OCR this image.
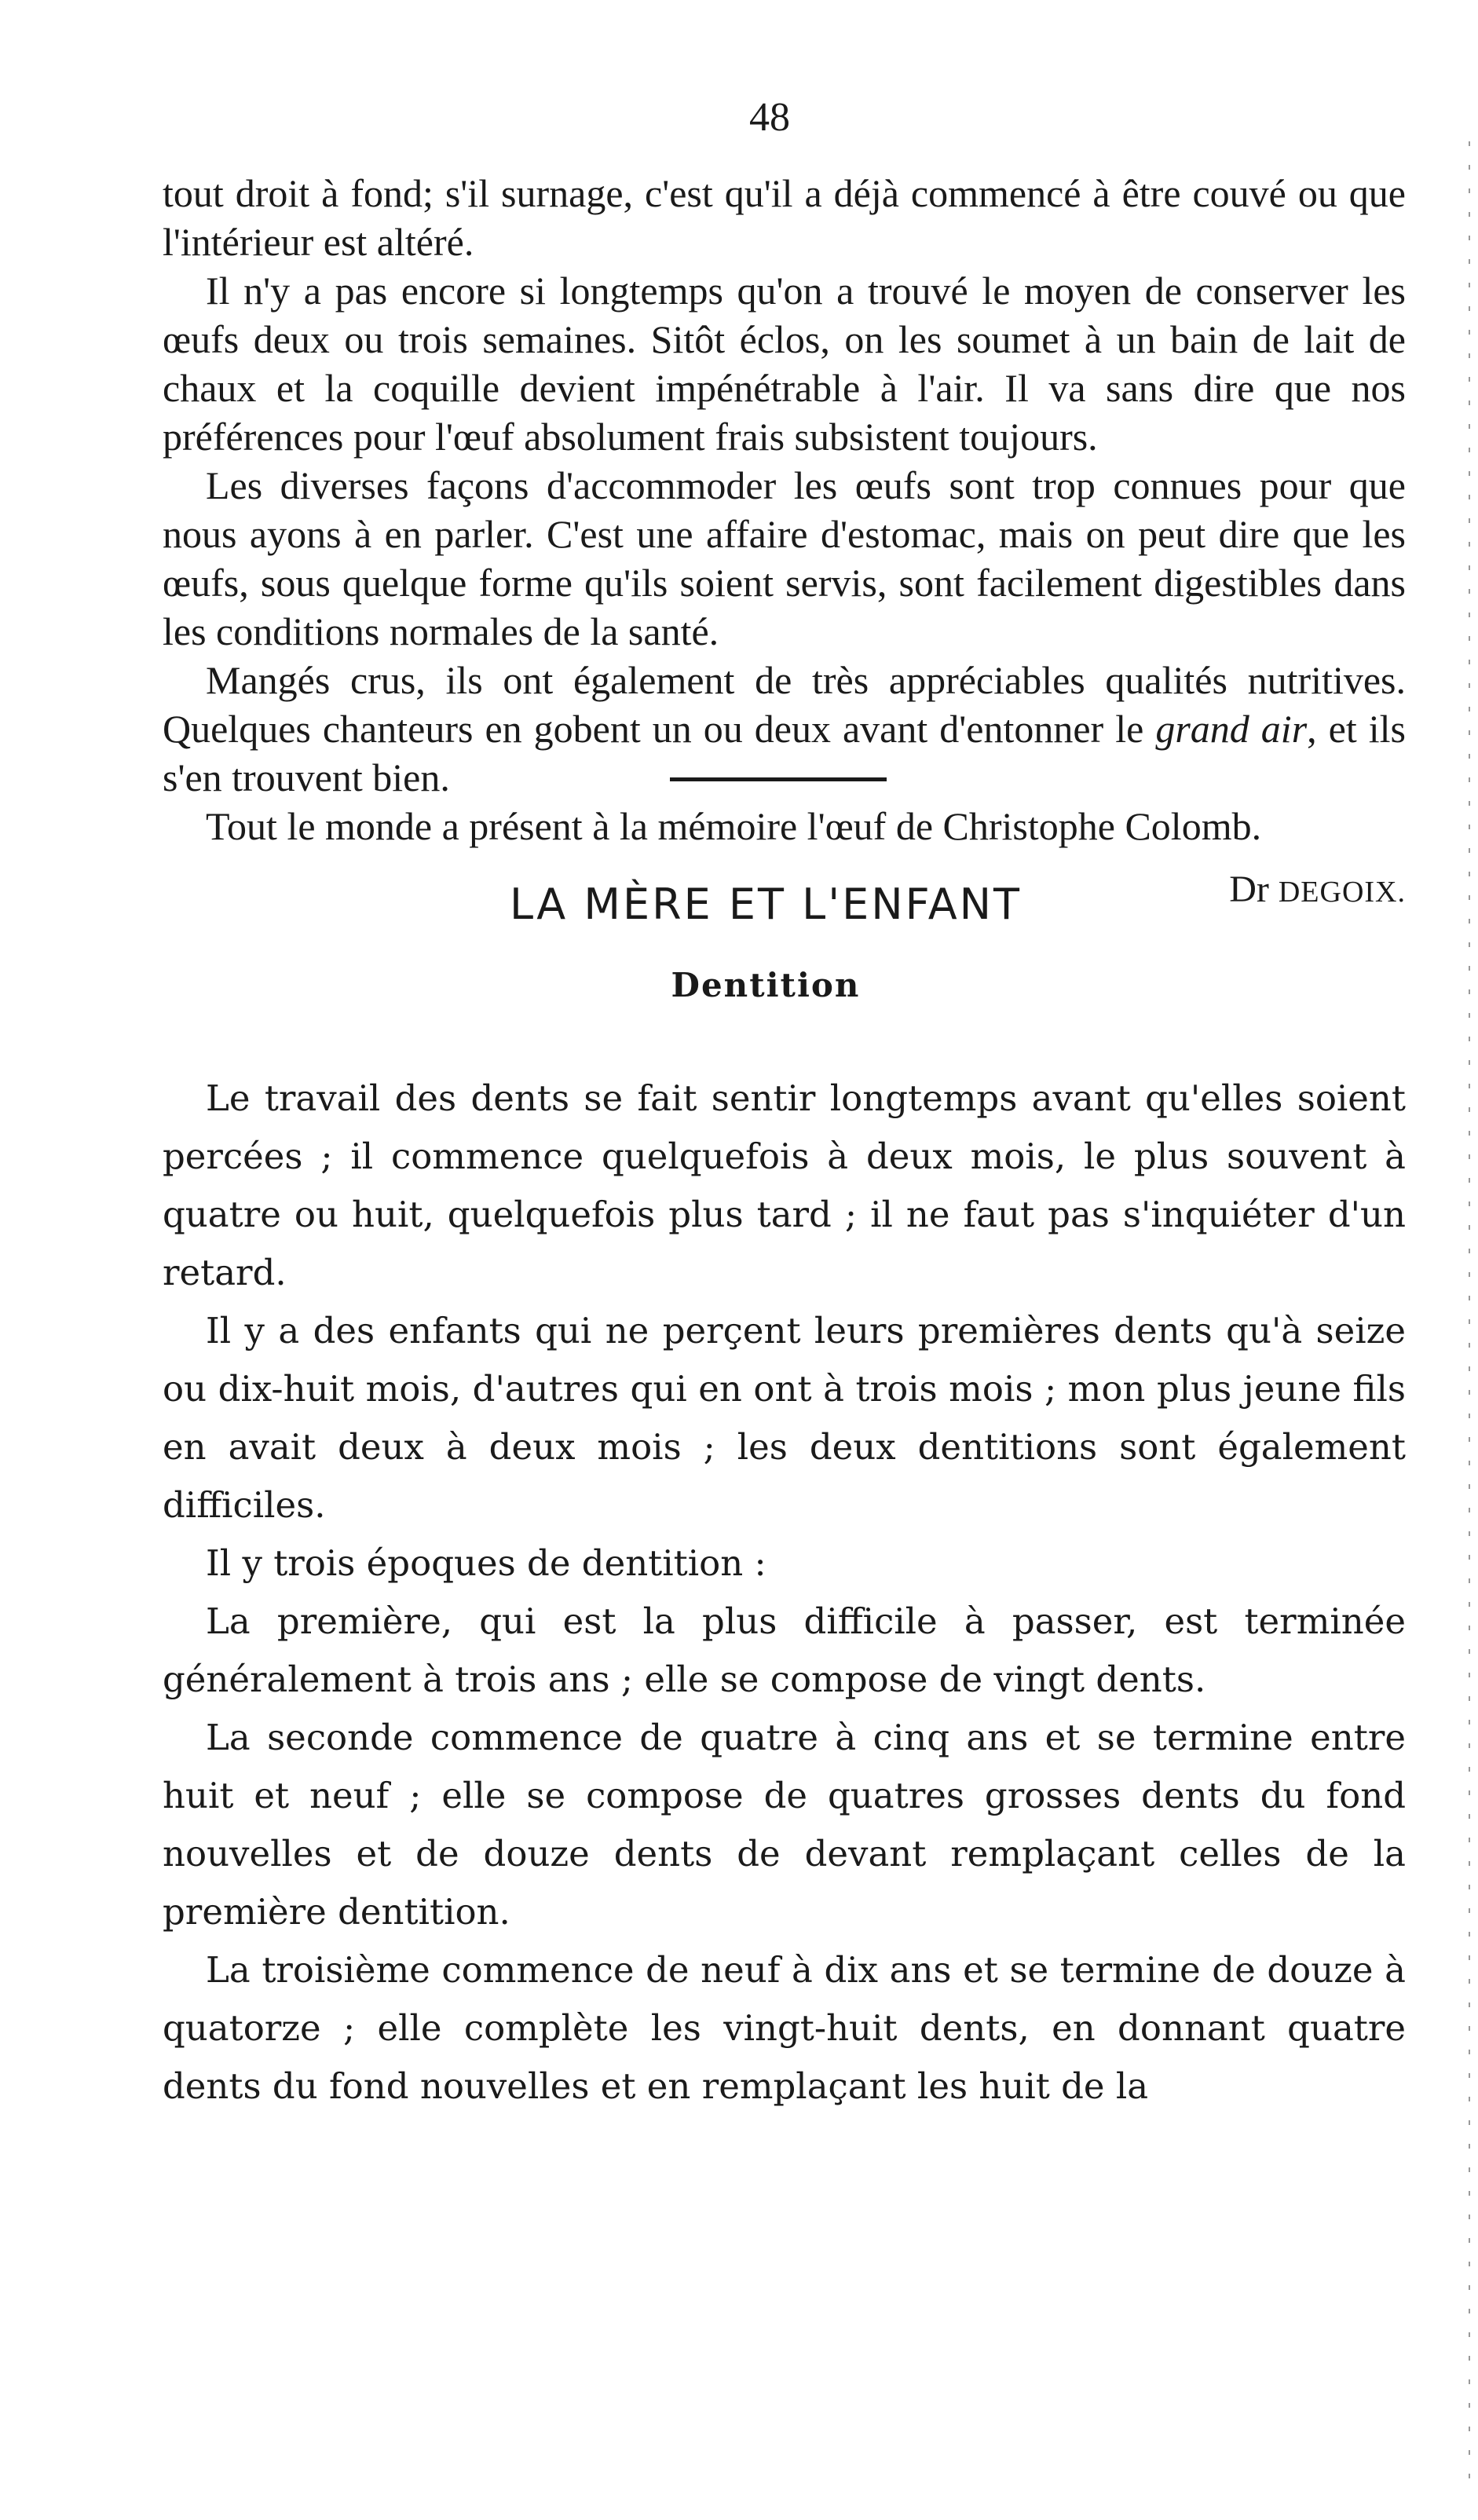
48

tout droit à fond; s'il surnage, c'est qu'il a déjà commencé à être couvé ou que l'intérieur est altéré.

Il n'y a pas encore si longtemps qu'on a trouvé le moyen de conserver les œufs deux ou trois semaines. Sitôt éclos, on les soumet à un bain de lait de chaux et la coquille devient impénétrable à l'air. Il va sans dire que nos préférences pour l'œuf absolument frais subsistent toujours.

Les diverses façons d'accommoder les œufs sont trop connues pour que nous ayons à en parler. C'est une affaire d'estomac, mais on peut dire que les œufs, sous quelque forme qu'ils soient servis, sont facilement digestibles dans les conditions normales de la santé.

Mangés crus, ils ont également de très appréciables qualités nutritives. Quelques chanteurs en gobent un ou deux avant d'entonner le grand air, et ils s'en trouvent bien.

Tout le monde a présent à la mémoire l'œuf de Christophe Colomb.

Dr DEGOIX.

LA MÈRE ET L'ENFANT
Dentition

Le travail des dents se fait sentir longtemps avant qu'elles soient percées ; il commence quelquefois à deux mois, le plus souvent à quatre ou huit, quelquefois plus tard ; il ne faut pas s'inquiéter d'un retard.

Il y a des enfants qui ne perçent leurs premières dents qu'à seize ou dix-huit mois, d'autres qui en ont à trois mois ; mon plus jeune fils en avait deux à deux mois ; les deux dentitions sont également difficiles.

Il y trois époques de dentition :

La première, qui est la plus difficile à passer, est terminée généralement à trois ans ; elle se compose de vingt dents.

La seconde commence de quatre à cinq ans et se termine entre huit et neuf ; elle se compose de quatres grosses dents du fond nouvelles et de douze dents de devant remplaçant celles de la première dentition.

La troisième commence de neuf à dix ans et se termine de douze à quatorze ; elle complète les vingt-huit dents, en donnant quatre dents du fond nouvelles et en remplaçant les huit de la
